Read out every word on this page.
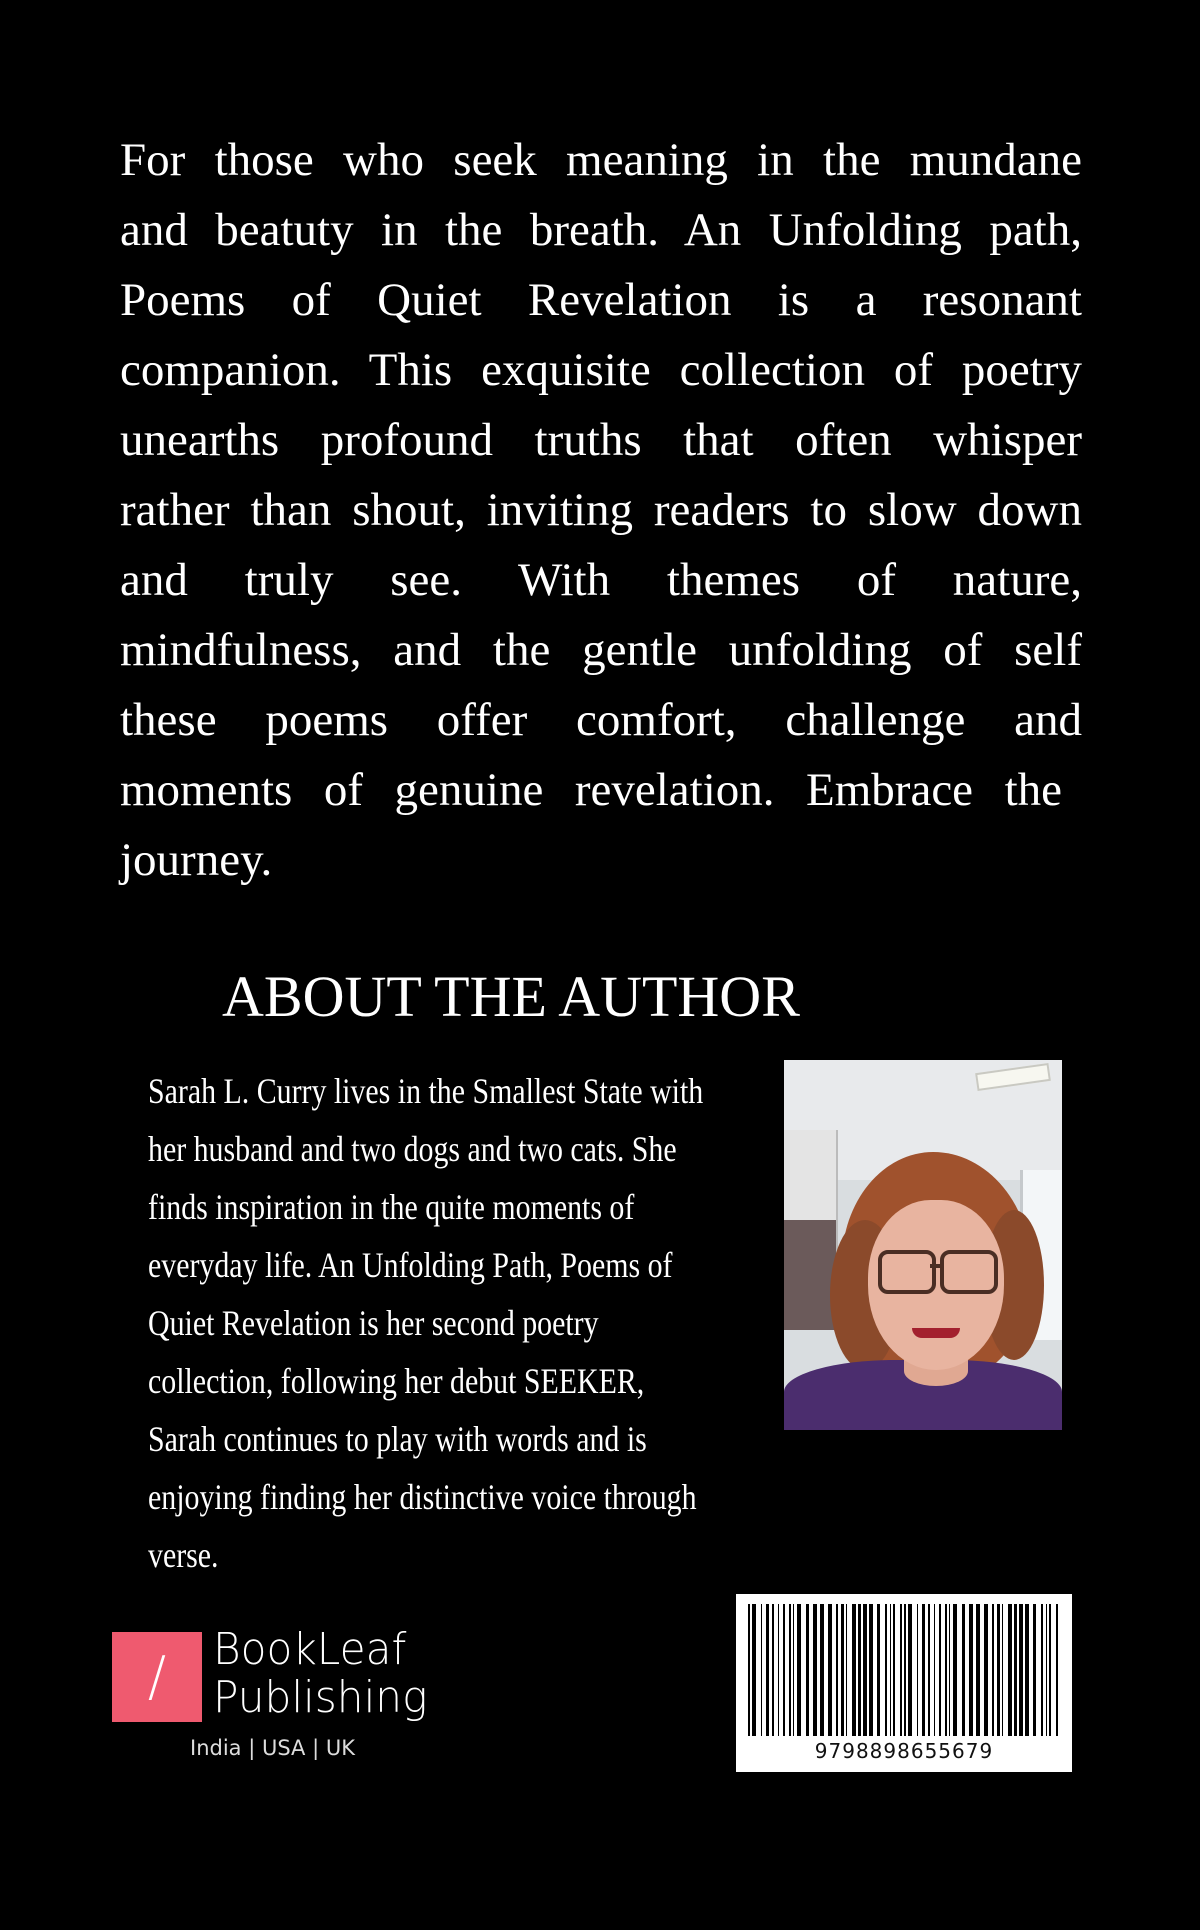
For those who seek meaning in the mundane
and beatuty in the breath. An Unfolding path,
Poems of Quiet Revelation is a resonant
companion. This exquisite collection of poetry
unearths profound truths that often whisper
rather than shout, inviting readers to slow down
and truly see. With themes of nature,
mindfulness, and the gentle unfolding of self
these poems offer comfort, challenge and
moments of genuine revelation. Embrace the
journey.
ABOUT THE AUTHOR
Sarah L. Curry lives in the Smallest State with
her husband and two dogs and two cats. She
finds inspiration in the quite moments of
everyday life. An Unfolding Path, Poems of
Quiet Revelation is her second poetry
collection, following her debut SEEKER,
Sarah continues to play with words and is
enjoying finding her distinctive voice through
verse.
/	BookLeaf
Publishing
India | USA | UK	9798898655679
